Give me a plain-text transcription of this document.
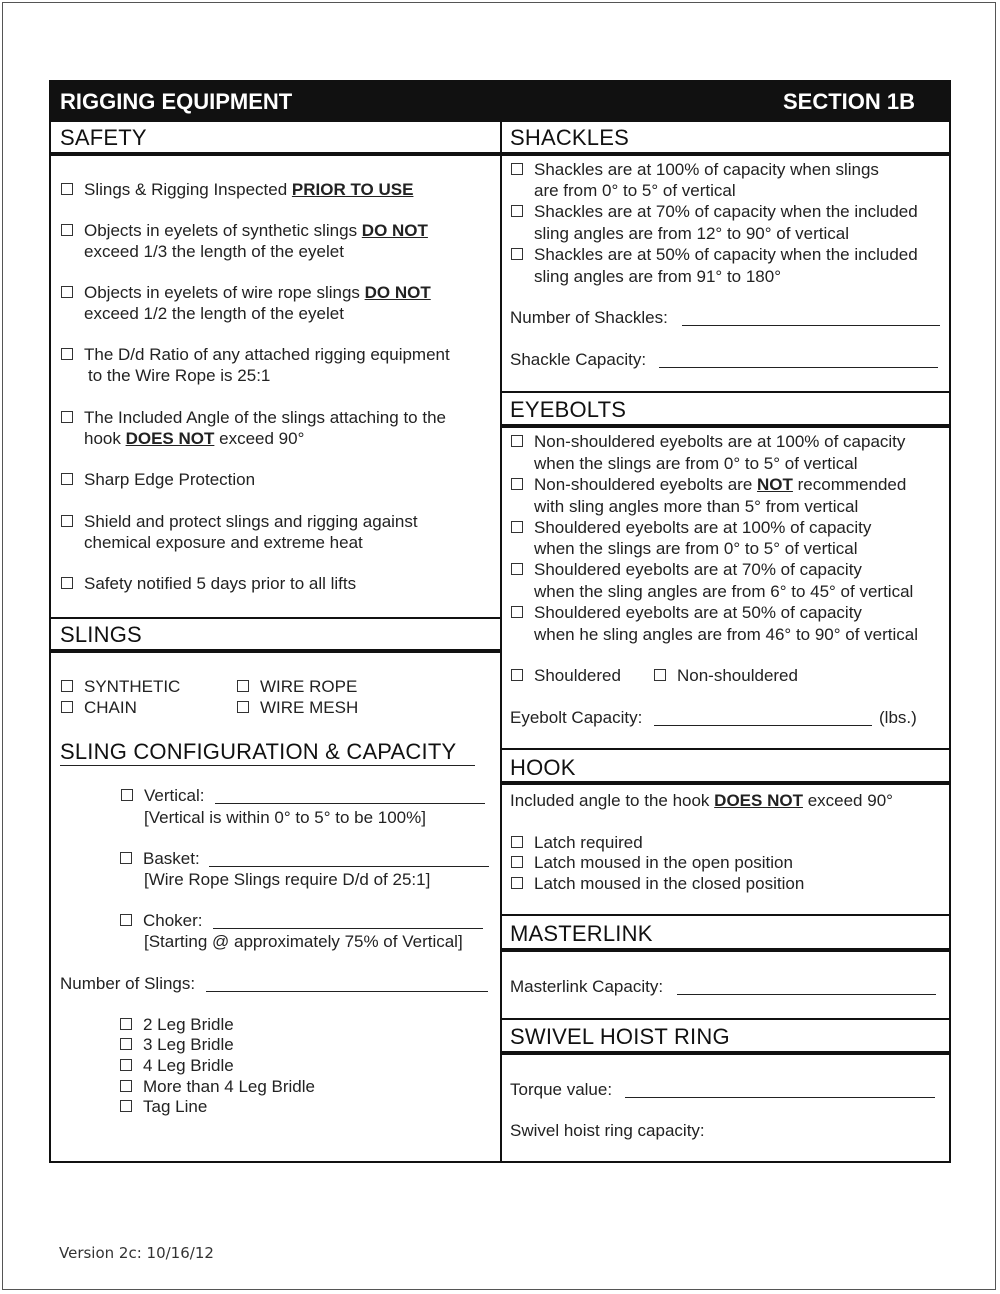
RIGGING EQUIPMENT	SECTION 1B
SAFETY
Slings & Rigging Inspected PRIOR TO USE
Objects in eyelets of synthetic slings DO NOT
exceed 1/3 the length of the eyelet
Objects in eyelets of wire rope slings DO NOT
exceed 1/2 the length of the eyelet
The D/d Ratio of any attached rigging equipment
to the Wire Rope is 25:1
The Included Angle of the slings attaching to the
hook DOES NOT exceed 90°
Sharp Edge Protection
Shield and protect slings and rigging against
chemical exposure and extreme heat
Safety notified 5 days prior to all lifts
SLINGS
SYNTHETIC	WIRE ROPE
CHAIN	WIRE MESH
SLING CONFIGURATION & CAPACITY
Vertical:
[Vertical is within 0° to 5° to be 100%]
Basket:
[Wire Rope Slings require D/d of 25:1]
Choker:
[Starting @ approximately 75% of Vertical]
Number of Slings:
2 Leg Bridle
3 Leg Bridle
4 Leg Bridle
More than 4 Leg Bridle
Tag Line
SHACKLES
Shackles are at 100% of capacity when slings
are from 0° to 5° of vertical
Shackles are at 70% of capacity when the included
sling angles are from 12° to 90° of vertical
Shackles are at 50% of capacity when the included
sling angles are from 91° to 180°
Number of Shackles:
Shackle Capacity:
EYEBOLTS
Non-shouldered eyebolts are at 100% of capacity
when the slings are from 0° to 5° of vertical
Non-shouldered eyebolts are NOT recommended
with sling angles more than 5° from vertical
Shouldered eyebolts are at 100% of capacity
when the slings are from 0° to 5° of vertical
Shouldered eyebolts are at 70% of capacity
when the sling angles are from 6° to 45° of vertical
Shouldered eyebolts are at 50% of capacity
when he sling angles are from 46° to 90° of vertical
Shouldered	Non-shouldered
Eyebolt Capacity:	(lbs.)
HOOK
Included angle to the hook DOES NOT exceed 90°
Latch required
Latch moused in the open position
Latch moused in the closed position
MASTERLINK
Masterlink Capacity:
SWIVEL HOIST RING
Torque value:
Swivel hoist ring capacity:
Version 2c: 10/16/12
